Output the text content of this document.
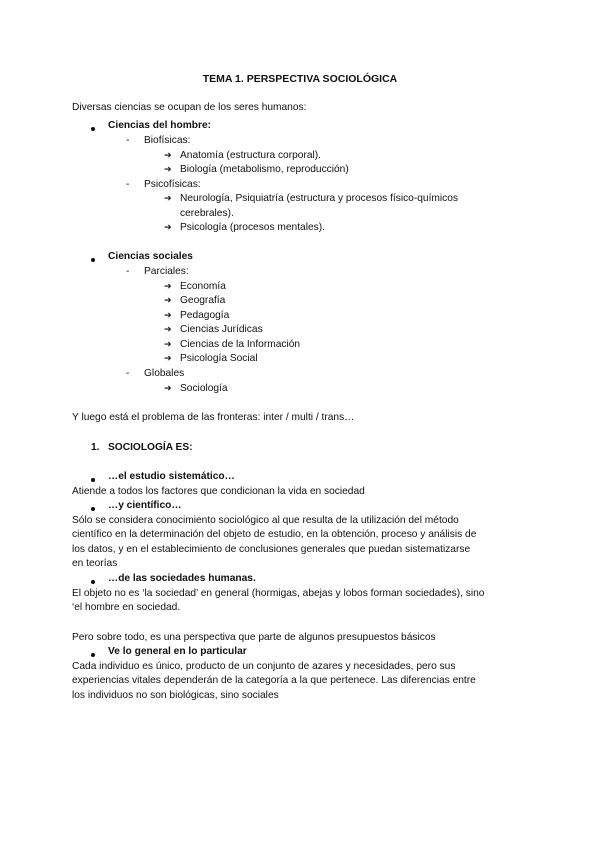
TEMA 1. PERSPECTIVA SOCIOLÓGICA
Diversas ciencias se ocupan de los seres humanos:
Ciencias del hombre:
- Biofísicas:
➔ Anatomía (estructura corporal).
➔ Biología (metabolismo, reproducción)
- Psicofísicas:
➔ Neurología, Psiquiatría (estructura y procesos físico-químicos
cerebrales).
➔ Psicología (procesos mentales).
Ciencias sociales
- Parciales:
➔ Economía
➔ Geografía
➔ Pedagogía
➔ Ciencias Jurídicas
➔ Ciencias de la Información
➔ Psicología Social
- Globales
➔ Sociología
Y luego está el problema de las fronteras: inter / multi / trans…
1. SOCIOLOGÍA ES:
…el estudio sistemático…
Atiende a todos los factores que condicionan la vida en sociedad
…y científico…
Sólo se considera conocimiento sociológico al que resulta de la utilización del método
científico en la determinación del objeto de estudio, en la obtención, proceso y análisis de
los datos, y en el establecimiento de conclusiones generales que puedan sistematizarse
en teorías
…de las sociedades humanas.
El objeto no es ‘la sociedad’ en general (hormigas, abejas y lobos forman sociedades), sino
‘el hombre en sociedad.
Pero sobre todo, es una perspectiva que parte de algunos presupuestos básicos
Ve lo general en lo particular
Cada individuo es único, producto de un conjunto de azares y necesidades, pero sus
experiencias vitales dependerán de la categoría a la que pertenece. Las diferencias entre
los individuos no son biológicas, sino sociales
